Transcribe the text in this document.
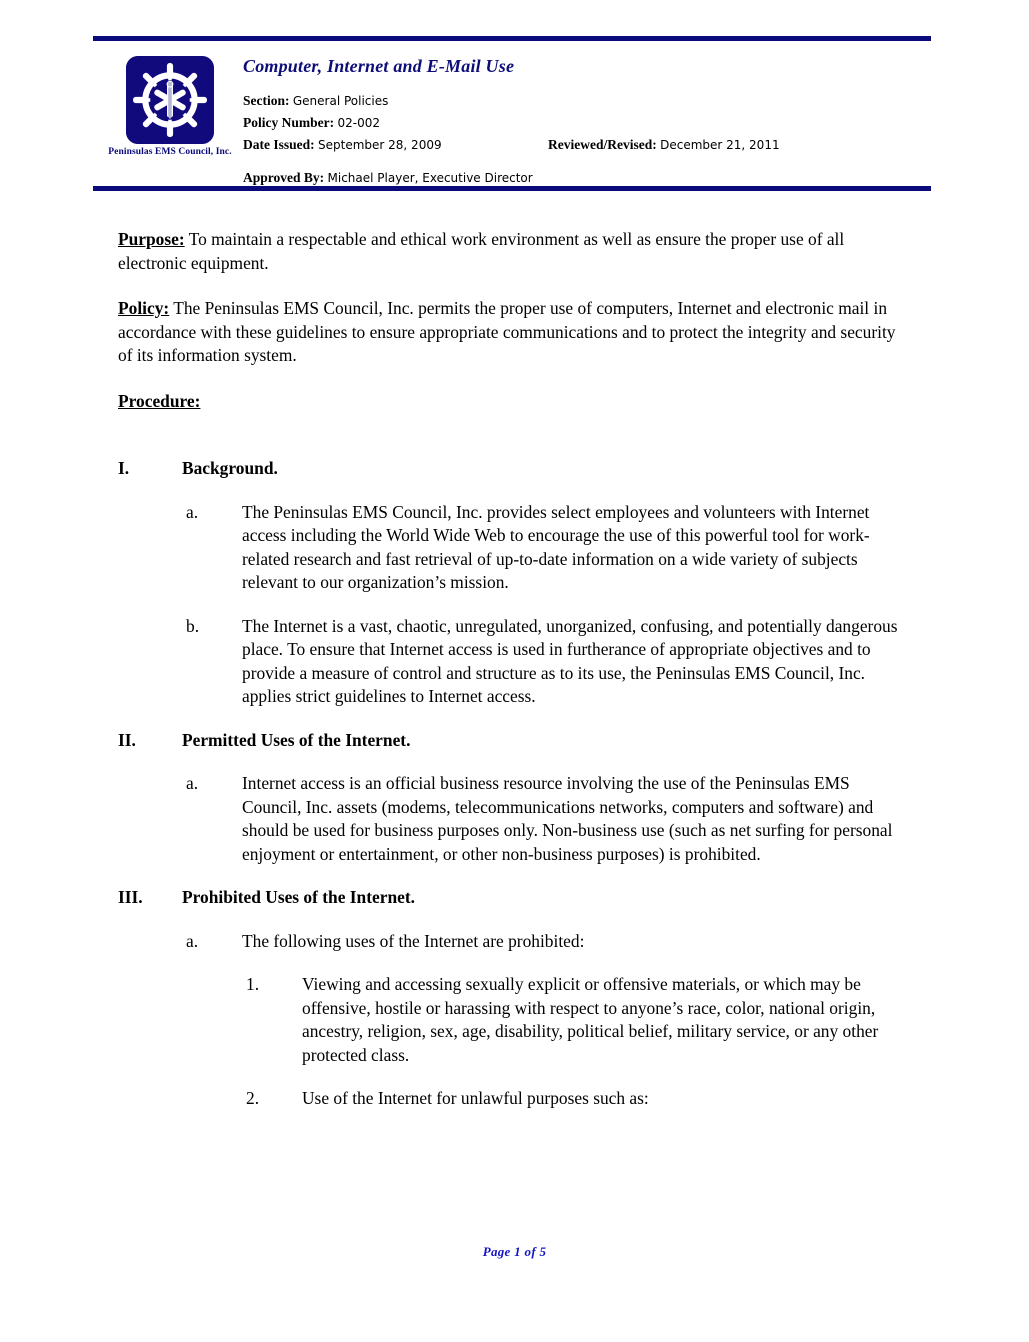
Peninsulas EMS Council, Inc.
Computer, Internet and E-Mail Use
Section: General Policies
Policy Number: 02-002
Date Issued: September 28, 2009	Reviewed/Revised: December 21, 2011
Approved By: Michael Player, Executive Director

Purpose: To maintain a respectable and ethical work environment as well as ensure the proper use of all electronic equipment.

Policy: The Peninsulas EMS Council, Inc. permits the proper use of computers, Internet and electronic mail in accordance with these guidelines to ensure appropriate communications and to protect the integrity and security of its information system.

Procedure:
I.	Background.
a.	The Peninsulas EMS Council, Inc. provides select employees and volunteers with Internet access including the World Wide Web to encourage the use of this powerful tool for work-related research and fast retrieval of up-to-date information on a wide variety of subjects relevant to our organization’s mission.
b.	The Internet is a vast, chaotic, unregulated, unorganized, confusing, and potentially dangerous place. To ensure that Internet access is used in furtherance of appropriate objectives and to provide a measure of control and structure as to its use, the Peninsulas EMS Council, Inc. applies strict guidelines to Internet access.
II.	Permitted Uses of the Internet.
a.	Internet access is an official business resource involving the use of the Peninsulas EMS Council, Inc. assets (modems, telecommunications networks, computers and software) and should be used for business purposes only. Non-business use (such as net surfing for personal enjoyment or entertainment, or other non-business purposes) is prohibited.
III.	Prohibited Uses of the Internet.
a.	The following uses of the Internet are prohibited:
1.	Viewing and accessing sexually explicit or offensive materials, or which may be offensive, hostile or harassing with respect to anyone’s race, color, national origin, ancestry, religion, sex, age, disability, political belief, military service, or any other protected class.
2.	Use of the Internet for unlawful purposes such as:
Page 1 of 5
